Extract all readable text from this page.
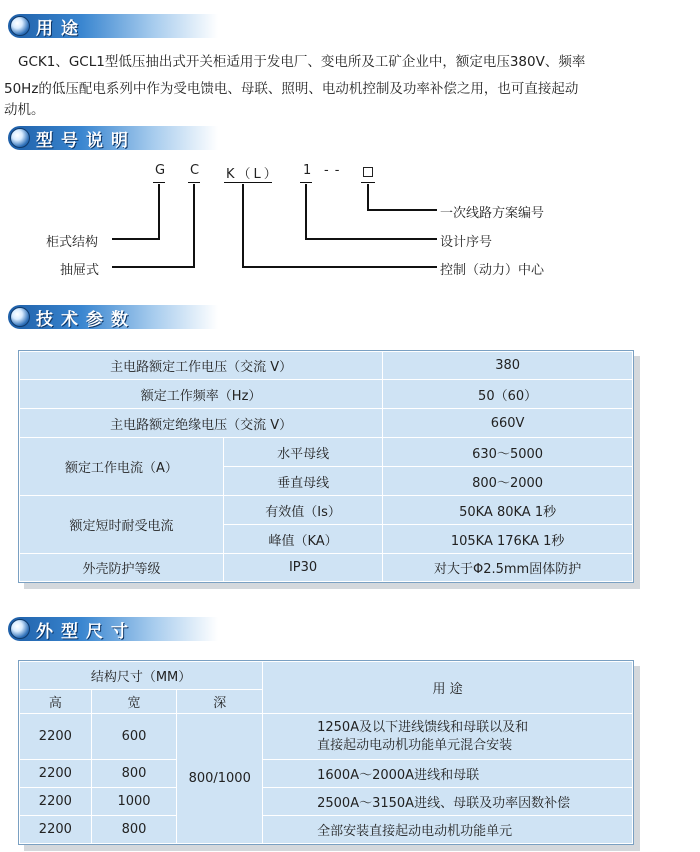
用途
GCK1、GCL1型低压抽出式开关柜适用于发电厂、变电所及工矿企业中，额定电压380V、频率
50Hz的低压配电系列中作为受电馈电、母联、照明、电动机控制及功率补偿之用，也可直接起动
动机。
型号说明
G C K（L） 1 --
一次线路方案编号
设计序号
控制（动力）中心
柜式结构
抽屉式
技术参数
主电路额定工作电压（交流 V）		380
额定工作频率（Hz）		50（60）
主电路额定绝缘电压（交流 V）		660V
额定工作电流（A）	水平母线	630～5000
	垂直母线	800～2000
额定短时耐受电流	有效值（Is）	50KA 80KA 1秒
	峰值（KA）	105KA 176KA 1秒
外壳防护等级	IP30	对大于Φ2.5mm固体防护
外型尺寸
结构尺寸（MM）			用 途
高	宽	深	
2200	600	800/1000	1250A及以下进线馈线和母联以及和
直接起动电动机功能单元混合安装

2200	800		1600A～2000A进线和母联
2200	1000		2500A～3150A进线、母联及功率因数补偿
2200	800		全部安装直接起动电动机功能单元
